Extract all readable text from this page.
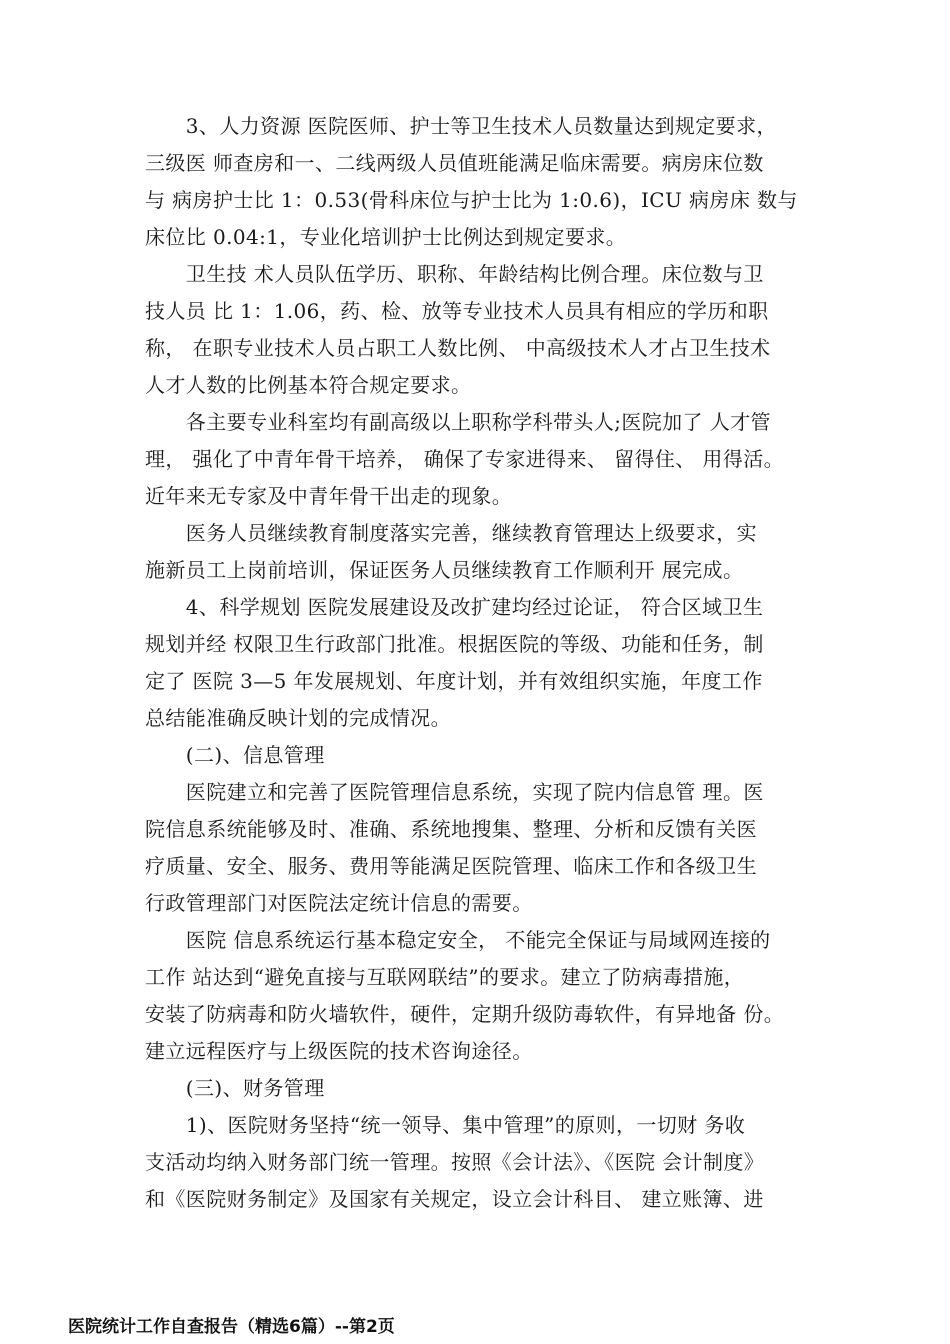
　　3、人力资源 医院医师、护士等卫生技术人员数量达到规定要求，
三级医 师查房和一、二线两级人员值班能满足临床需要。病房床位数
与 病房护士比 1：0.53(骨科床位与护士比为 1:0.6)，ICU 病房床 数与
床位比 0.04:1，专业化培训护士比例达到规定要求。
　　卫生技 术人员队伍学历、职称、年龄结构比例合理。床位数与卫
技人员 比 1：1.06，药、检、放等专业技术人员具有相应的学历和职
称， 在职专业技术人员占职工人数比例、 中高级技术人才占卫生技术
人才人数的比例基本符合规定要求。
　　各主要专业科室均有副高级以上职称学科带头人;医院加了 人才管
理， 强化了中青年骨干培养， 确保了专家进得来、 留得住、 用得活。
近年来无专家及中青年骨干出走的现象。
　　医务人员继续教育制度落实完善，继续教育管理达上级要求，实
施新员工上岗前培训，保证医务人员继续教育工作顺利开 展完成。
　　4、科学规划 医院发展建设及改扩建均经过论证， 符合区域卫生
规划并经 权限卫生行政部门批准。根据医院的等级、功能和任务，制
定了 医院 3—5 年发展规划、年度计划，并有效组织实施，年度工作
总结能准确反映计划的完成情况。
　　(二)、信息管理
　　医院建立和完善了医院管理信息系统，实现了院内信息管 理。医
院信息系统能够及时、准确、系统地搜集、整理、分析和反馈有关医
疗质量、安全、服务、费用等能满足医院管理、临床工作和各级卫生
行政管理部门对医院法定统计信息的需要。
　　医院 信息系统运行基本稳定安全， 不能完全保证与局域网连接的
工作 站达到“避免直接与互联网联结”的要求。建立了防病毒措施，
安装了防病毒和防火墙软件，硬件，定期升级防毒软件，有异地备 份。
建立远程医疗与上级医院的技术咨询途径。
　　(三)、财务管理
　　1)、医院财务坚持“统一领导、集中管理”的原则，一切财 务收
支活动均纳入财务部门统一管理。按照《会计法》、《医院 会计制度》
和《医院财务制定》及国家有关规定，设立会计科目、 建立账簿、进
医院统计工作自查报告（精选6篇）--第2页
